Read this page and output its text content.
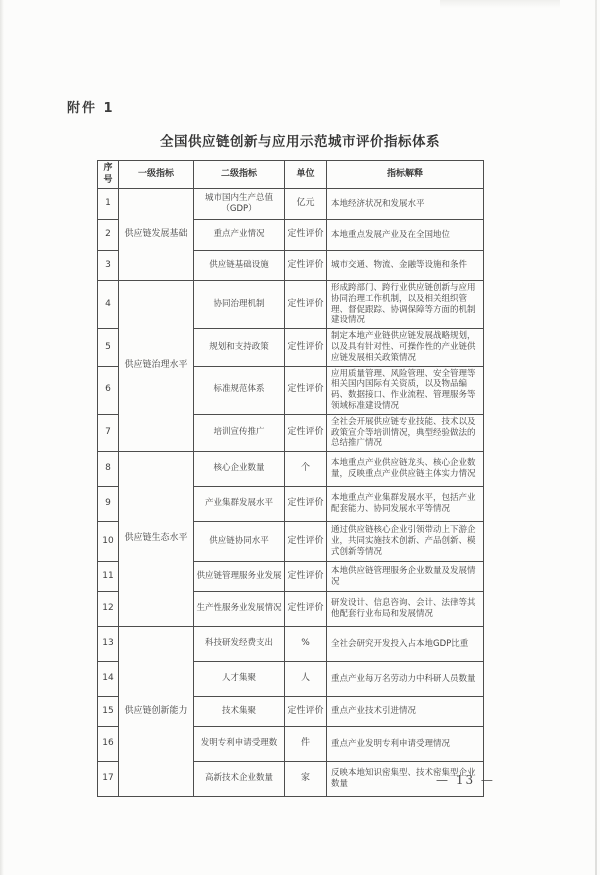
附件 1
全国供应链创新与应用示范城市评价指标体系
序号	一级指标	二级指标	单位	指标解释
1	供应链发展基础	城市国内生产总值（GDP）	亿元	本地经济状况和发展水平
2		重点产业情况	定性评价	本地重点发展产业及在全国地位
3		供应链基础设施	定性评价	城市交通、物流、金融等设施和条件
4	供应链治理水平	协同治理机制	定性评价	形成跨部门、跨行业供应链创新与应用协同治理工作机制，以及相关组织管理、督促跟踪、协调保障等方面的机制建设情况
5		规划和支持政策	定性评价	制定本地产业链供应链发展战略规划，以及具有针对性、可操作性的产业链供应链发展相关政策情况
6		标准规范体系	定性评价	应用质量管理、风险管理、安全管理等相关国内国际有关资质，以及物品编码、数据接口、作业流程、管理服务等领域标准建设情况
7		培训宣传推广	定性评价	全社会开展供应链专业技能、技术以及政策宣介等培训情况，典型经验做法的总结推广情况
8	供应链生态水平	核心企业数量	个	本地重点产业供应链龙头、核心企业数量，反映重点产业供应链主体实力情况
9		产业集群发展水平	定性评价	本地重点产业集群发展水平，包括产业配套能力、协同发展水平等情况
10		供应链协同水平	定性评价	通过供应链核心企业引领带动上下游企业，共同实施技术创新、产品创新、模式创新等情况
11		供应链管理服务业发展	定性评价	本地供应链管理服务企业数量及发展情况
12		生产性服务业发展情况	定性评价	研发设计、信息咨询、会计、法律等其他配套行业布局和发展情况
13	供应链创新能力	科技研发经费支出	%	全社会研究开发投入占本地GDP比重
14		人才集聚	人	重点产业每万名劳动力中科研人员数量
15		技术集聚	定性评价	重点产业技术引进情况
16		发明专利申请受理数	件	重点产业发明专利申请受理情况
17		高新技术企业数量	家	反映本地知识密集型、技术密集型企业数量	— 13 —
